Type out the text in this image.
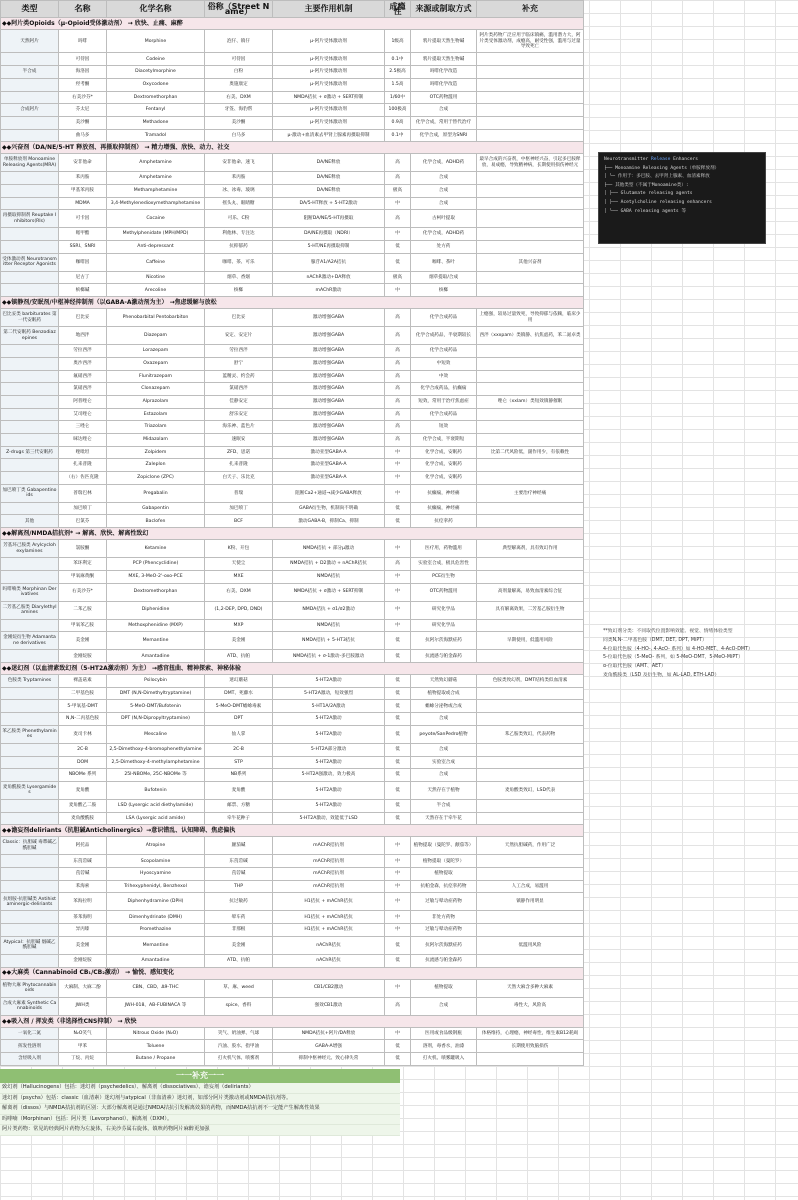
类型	名称	化学名称	俗称（Street Name）	主要作用机制	成瘾性	来源或制取方式	补充
◆◆阿片类Opioids（μ-Opioid受体激动剂） → 欣快、止痛、麻醉							
天然阿片	吗啡	Morphine	泡仔、镇仔	μ-阿片受体激动剂	1级高	鸦片提取天然生物碱	阿片类药物广泛应用于临床镇痛，滥用潜力大，阿片类受体激动剂，成瘾高，耐受性强，滥用与过量导致死亡
	可待因	Codeine	可待因	μ-阿片受体激动剂	0.1中	鸦片提取天然生物碱	
半合成	海洛因	Diacetylmorphine	白粉	μ-阿片受体激动剂	2.5极高	吗啡化学改造	
	羟考酮	Oxycodone	奥施康定	μ-阿片受体激动剂	1.5高	吗啡化学改造	
	右美沙芬*	Dextromethorphan	右美、DXM	NMDA拮抗 + σ激动 + SERT抑制	1/60中	OTC药物滥用	
合成阿片	芬太尼	Fentanyl	牙签、海豹帮	μ-阿片受体激动剂	100极高	合成	
	美沙酮	Methadone	美沙酮	μ-阿片受体激动剂	0.9高	化学合成，常用于替代治疗	
	曲马多	Tramadol	白马多	μ-激动+血清素去甲肾上腺素再摄取抑制	0.1中	化学合成，原型为SNRI	
◆◆兴奋剂（DA/NE/5-HT 释放剂、再摄取抑制剂） → 精力增强、欣快、动力、社交							
单胺释放剂 Monoamine Releasing Agents(MRA)	安非他命	Amphetamine	安非他命、速飞	DA/NE释放	高	化学合成，ADHD药	最早合成的兴奋剂，中枢神经兴奋，引起多巴胺释放，易成瘾，导致精神病，长期使用损伤神经元
	苯丙胺	Amphetamine	苯丙胺	DA/NE释放	高	合成	
	甲基苯丙胺	Methamphetamine	冰、冰毒、玻璃	DA/NE释放	极高	合成	
	MDMA	3,4-Methylenedioxymethamphetamine	摇头丸、眼睛糖	DA/5-HT释放 + 5-HT2激动	中	合成	
再摄取抑制剂 Reuptake Inhibitors(RIs)	可卡因	Cocaine	可乐、C粉	阻断DA/NE/5-HT再摄取	高	古柯叶提取	
	哌甲酯	Methylphenidate (MPH/MPD)	利他林、专注达	DA/NE再摄取（NDRI）	中	化学合成，ADHD药	
	SSRI、SNRI	Anti-depressant	抗抑郁药	5-HT/NE再摄取抑制	低	处方药	
受体激动剂 Neurotransmitter Receptor Agonists	咖啡因	Caffeine	咖啡、茶、可乐	腺苷A1/A2A拮抗	低	咖啡、茶叶	其他兴奋剂
	尼古丁	Nicotine	烟草、香烟	nAChR激动+DA释放	极高	烟草提取/合成	
	槟榔碱	Arecoline	槟榔	mAChR激动	中	槟榔	
◆◆镇静剂/安眠剂/中枢神经抑制剂（以GABA-A激动剂为主） →焦虑缓解与放松							
巴比妥类 barbiturates 第一代安眠药	巴比妥	Phenobarbital Pentobarbiton	巴比妥	激动增强GABA	高	化学合成药品	上瘾强，较易过量致死，导致抑郁与依赖，临床少用
第二代安眠药 Benzodiazepines	地西泮	Diazepam	安定、安定片	激动增强GABA	高	化学合成药品，半衰期较长	西泮（xxxpam）类镇静、抗焦虑药，苯二氮卓类
	劳拉西泮	Lorazepam	劳拉西泮	激动增强GABA	高	化学合成药品	
	奥沙西泮	Oxazepam	舒宁	激动增强GABA	高	中短效	
	氟硝西泮	Flunitrazepam	蓝精灵、约会药	激动增强GABA	高	中效	
	氯硝西泮	Clonazepam	氯硝西泮	激动增强GABA	高	化学合成药品，抗癫痫	
	阿普唑仑	Alprazolam	佳静安定	激动增强GABA	高	短效，常用于治疗焦虑症	唑仑（xxlam）类短效镇静催眠
	艾司唑仑	Estazolam	舒乐安定	激动增强GABA	高	化学合成药品	
	三唑仑	Triazolam	海乐神、蓝色片	激动增强GABA	高	短效	
	咪达唑仑	Midazolam	速眠安	激动增强GABA	高	化学合成，半衰期短	
Z-drugs 第三代安眠药	唑吡坦	Zolpidem	ZFD、思诺	激动亚型GABA-A	中	化学合成，安眠药	比第二代风险低，副作用少，有依赖性
	扎来普隆	Zaleplon	扎来普隆	激动亚型GABA-A	中	化学合成，安眠药	
	（右）佐匹克隆	Zopiclone (ZPC)	白天子、乐比克	激动亚型GABA-A	中	化学合成，安眠药	
加巴喷丁类 Gabapentinoids	普瑞巴林	Pregabalin	普瑞	阻断Ca2+通道→减少GABA释放	中	抗癫痫，神经痛	主要治疗神经痛
	加巴喷丁	Gabapentin	加巴喷丁	GABA衍生物，机制尚不明确	低	抗癫痫，神经痛	
其他	巴氯芬	Baclofen	BCF	激动GABA-B，抑制Ca、抑制	低	抗痉挛药	
◆◆解离剂/NMDA拮抗剂* → 解离、欣快、解离性致幻							
芳基环己胺类 Arylcyclohexylamines	氯胺酮	Ketamine	K粉、开包	NMDA拮抗 + 部分μ激动	中	医疗用，药物滥用	典型解离剂，具有致幻作用
	苯环利定	PCP (Phencyclidine)	天使尘	NMDA拮抗 + D2激动 + nAChR拮抗	高	实验室合成，极具危害性	
	甲氧麻黄酮	MXE, 3-MeO-2'-oxo-PCE	MXE	NMDA拮抗	中	PCE衍生物	
吗啡喃类 Morphinan Derivatives	右美沙芬*	Dextromethorphan	右美、DXM	NMDA拮抗 + σ激动 + SERT抑制	中	OTC药物滥用	高剂量解离，易致血清素综合征
二芳基乙胺类 Diarylethylamines	二苯乙胺	Diphenidine	(1,2-DEP, DPD, DND)	NMDA拮抗 + σ1/σ2激动	中	研究化学品	具有解离效果，二芳基乙胺衍生物
	甲氧苯乙胺	Methoxphenidine (MXP)	MXP	NMDA拮抗	中	研究化学品	
金刚烷衍生物 Adamantane derivatives	美金刚	Memantine	美金刚	NMDA拮抗 + 5-HT3拮抗	低	抗阿尔茨海默症药	早期使用，低滥用风险
	金刚烷胺	Amantadine	ATD、抗帕	NMDA拮抗 + σ-1激动-多巴胺激动	低	抗流感与帕金森药	
◆◆迷幻剂（以血清素致幻剂（5-HT2A激动剂）为主） →感官扭曲、精神探索、神秘体验							
色胺类 Tryptamines	裸盖菇素	Psilocybin	迷幻蘑菇	5-HT2A激动	低	天然致幻蘑菇	色胺类致幻剂，DMT结构类似血清素
	二甲基色胺	DMT (N,N-Dimethyltryptamine)	DMT、死藤水	5-HT2A激动，短效强烈	低	植物提取或合成	
	5-甲氧基-DMT	5-MeO-DMT/Bufotenin	5-MeO-DMT蟾蜍毒素	5-HT1A/2A激动	低	蟾蜍分泌物或合成	
	N,N-二丙基色胺	DPT (N,N-Dipropyltryptamine)	DPT	5-HT2A激动	低	合成	
苯乙胺类 Phenethylamines	麦司卡林	Mescaline	仙人掌	5-HT2A激动	低	peyote/SanPedro植物	苯乙胺类致幻，代表药物
	2C-B	2,5-Dimethoxy-4-bromophenethylamine	2C-B	5-HT2A部分激动	低	合成	
	DOM	2,5-Dimethoxy-4-methylamphetamine	STP	5-HT2A激动	低	实验室合成	
	NBOMe 系列	25I-NBOMe, 25C-NBOMe 等	NB系列	5-HT2A强激动，效力极高	低	合成	
麦角酰胺类 Lysergamides	麦角酸	Bufotenin	麦角酸	5-HT2A激动	低	天然存在于植物	麦角酸类致幻，LSD代表
	麦角酸乙二胺	LSD (Lysergic acid diethylamide)	邮票、方糖	5-HT2A激动	低	半合成	
	麦角酸酰胺	LSA (Lysergic acid amide)	牵牛花种子	5-HT2A激动，效能低于LSD	低	天然存在于牵牛花	
◆◆谵妄剂deliriants（抗胆碱Anticholinergics）→意识错乱、认知障碍、焦虑偏执							
Classic：抗胆碱 毒蕈碱乙酰胆碱	阿托品	Atropine	颠茄碱	mAChR拮抗剂	中	植物提取（曼陀罗、颠茄等）	天然抗胆碱药，作用广泛
	东莨菪碱	Scopolamine	东莨菪碱	mAChR拮抗剂	中	植物提取（曼陀罗）	
	莨菪碱	Hyoscyamine	莨菪碱	mAChR拮抗剂	中	植物提取	
	苯海索	Trihexyphenidyl, Benzhexol	THP	mAChR拮抗剂	中	抗帕金森，抗痉挛药物	人工合成，易滥用
抗组胺-抗胆碱类 Antihistaminergic-deliriants	苯海拉明	Diphenhydramine (DPH)	抗过敏药	H1拮抗 + mAChR拮抗	中	过敏与晕动症药物	镇静作用明显
	茶苯海明	Dimenhydrinate (DMH)	晕车药	H1拮抗 + mAChR拮抗	中	非处方药物	
	异丙嗪	Promethazine	非那根	H1拮抗 + mAChR拮抗	中	过敏与晕动症药物	
Atypical：抗胆碱 烟碱乙酰胆碱	美金刚	Memantine	美金刚	nAChR拮抗	低	抗阿尔茨海默症药	低滥用风险
	金刚烷胺	Amantadine	ATD、抗帕	nAChR拮抗	低	抗流感与帕金森药	
◆◆大麻类（Cannabinoid CB₁/CB₂激动） → 愉悦、感知变化							
植物大麻 Phytocannabinoids	大麻制、大麻二酚	CBN、CBD、Δ9-THC	草、麻、weed	CB1/CB2激动	中	植物提取	天然大麻含多种大麻素
合成大麻素 Synthetic Cannabinoids	JWH类	JWH-018、AB-FUBINACA 等	spice、香料	强效CB1激动	高	合成	毒性大，风险高
◆◆吸入剂 / 挥发类（非选择性CNS抑制） → 欣快							
一氧化二氮	N₂O笑气	Nitrous Oxide (N₂O)	笑气、奶油弹、气球	NMDA拮抗+阿片/DA释放	中	医用或食品级钢瓶	体格维持，心理瘾，神经毒性，维生素B12耗竭
挥发性溶剂	甲苯	Toluene	汽油、胶水、指甲油	GABA-A增强	低	溶剂，毒香水，油漆	长期使用致脑损伤
含烃吸入剂	丁烷、丙烷	Butane / Propane	打火机气体、喷雾剂	抑制中枢神经元、致心律失常	低	打火机、喷雾罐吸入	
Neurotransmitter Release Enhancers
├── Monoamine Releasing Agents（单胺释放剂）
│ └─ 作用于：多巴胺、去甲肾上腺素、血清素释放
├── 其他类型（不属于Monoamine类）:
│ ├── Glutamate releasing agents
│ ├── Acetylcholine releasing enhancers
│ └── GABA releasing agents 等
**致幻剂分类：不同取代位置影响效能、视觉、情绪体验类型
同类N,N-二甲基色胺（DMT, DET, DPT, MiPT）
4-位取代色胺（4-HO-, 4-AcO- 系列）如 4-HO-MET、4-AcO-DMT）
5-位取代色胺（5-MeO- 系列，如 5-MeO-DMT、5-MeO-MiPT）
α-位取代色胺（AMT、AET）
麦角酰胺类（LSD 及衍生物，如 AL-LAD, ETH-LAD）
一一补充一一
致幻剂（Hallucinogens）包括：迷幻剂（psychedelics）、解离剂（dissociatives）、谵妄剂（deliriants）
迷幻剂（psychs）包括：classic（血清素）迷幻剂与atypical（非血清素）迷幻剂，如部分阿片类激动剂或NMDA拮抗剂等。
解离剂（dissos）与NMDA拮抗剂的区别：大部分解离剂是通过NMDA拮抗引发解离效果的药物，而NMDA拮抗剂不一定能产生解离性效果
吗啡喃（Morphinan）包括：阿片类（Levorphanol）、解离剂（DXM）。
阿片类药物：常见的经典阿片药物为左旋体，右美沙芬属右旋体，镇咳药物阿片麻醉更加强
